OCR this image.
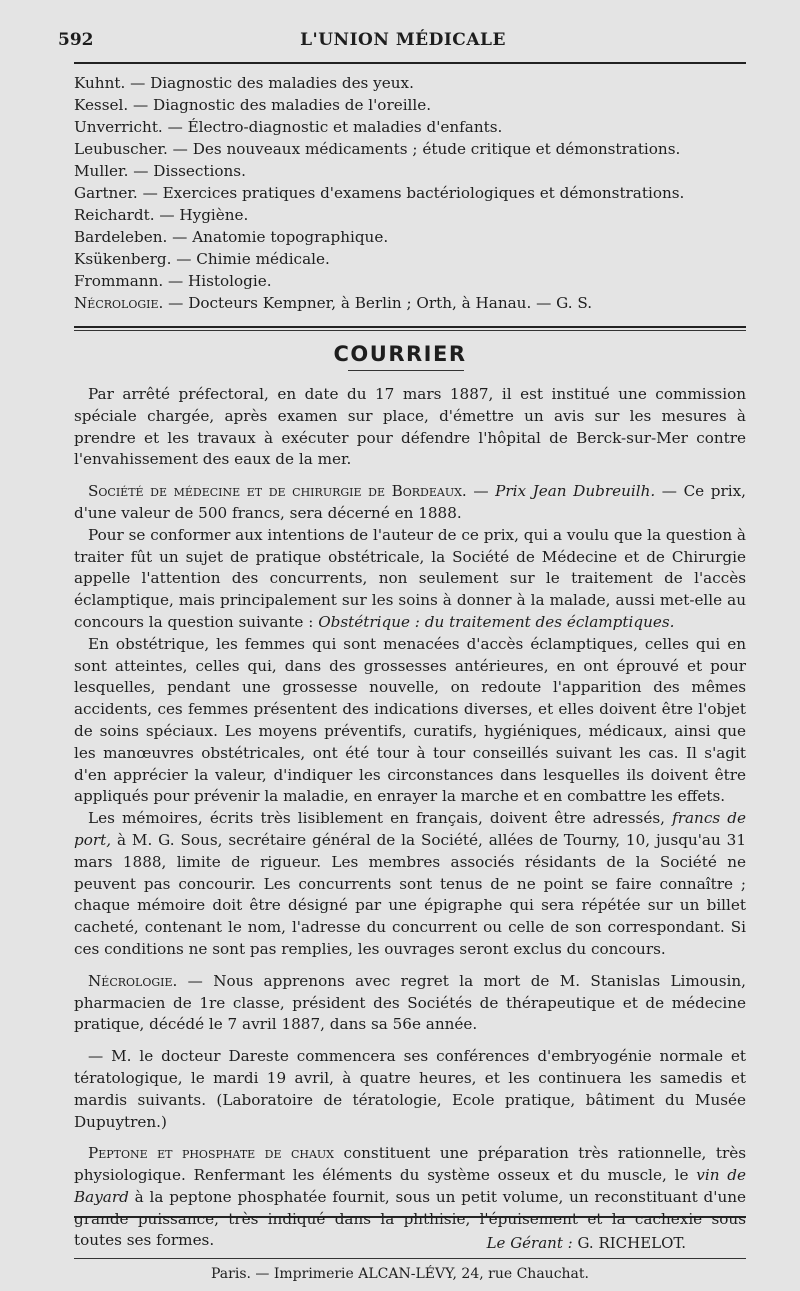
592	L'UNION MÉDICALE
Kuhnt. — Diagnostic des maladies des yeux.
Kessel. — Diagnostic des maladies de l'oreille.
Unverricht. — Électro-diagnostic et maladies d'enfants.
Leubuscher. — Des nouveaux médicaments ; étude critique et démonstrations.
Muller. — Dissections.
Gartner. — Exercices pratiques d'examens bactériologiques et démonstrations.
Reichardt. — Hygiène.
Bardeleben. — Anatomie topographique.
Ksükenberg. — Chimie médicale.
Frommann. — Histologie.
Nécrologie. — Docteurs Kempner, à Berlin ; Orth, à Hanau. — G. S.
COURRIER

Par arrêté préfectoral, en date du 17 mars 1887, il est institué une commission spéciale chargée, après examen sur place, d'émettre un avis sur les mesures à prendre et les travaux à exécuter pour défendre l'hôpital de Berck-sur-Mer contre l'envahissement des eaux de la mer.

Société de médecine et de chirurgie de Bordeaux. — Prix Jean Dubreuilh. — Ce prix, d'une valeur de 500 francs, sera décerné en 1888.

Pour se conformer aux intentions de l'auteur de ce prix, qui a voulu que la question à traiter fût un sujet de pratique obstétricale, la Société de Médecine et de Chirurgie appelle l'attention des concurrents, non seulement sur le traitement de l'accès éclamptique, mais principalement sur les soins à donner à la malade, aussi met-elle au concours la question suivante : Obstétrique : du traitement des éclamptiques.

En obstétrique, les femmes qui sont menacées d'accès éclamptiques, celles qui en sont atteintes, celles qui, dans des grossesses antérieures, en ont éprouvé et pour lesquelles, pendant une grossesse nouvelle, on redoute l'apparition des mêmes accidents, ces femmes présentent des indications diverses, et elles doivent être l'objet de soins spéciaux. Les moyens préventifs, curatifs, hygiéniques, médicaux, ainsi que les manœuvres obstétricales, ont été tour à tour conseillés suivant les cas. Il s'agit d'en apprécier la valeur, d'indiquer les circonstances dans lesquelles ils doivent être appliqués pour prévenir la maladie, en enrayer la marche et en combattre les effets.

Les mémoires, écrits très lisiblement en français, doivent être adressés, francs de port, à M. G. Sous, secrétaire général de la Société, allées de Tourny, 10, jusqu'au 31 mars 1888, limite de rigueur. Les membres associés résidants de la Société ne peuvent pas concourir. Les concurrents sont tenus de ne point se faire connaître ; chaque mémoire doit être désigné par une épigraphe qui sera répétée sur un billet cacheté, contenant le nom, l'adresse du concurrent ou celle de son correspondant. Si ces conditions ne sont pas remplies, les ouvrages seront exclus du concours.

Nécrologie. — Nous apprenons avec regret la mort de M. Stanislas Limousin, pharmacien de 1re classe, président des Sociétés de thérapeutique et de médecine pratique, décédé le 7 avril 1887, dans sa 56e année.

— M. le docteur Dareste commencera ses conférences d'embryogénie normale et tératologique, le mardi 19 avril, à quatre heures, et les continuera les samedis et mardis suivants. (Laboratoire de tératologie, Ecole pratique, bâtiment du Musée Dupuytren.)

Peptone et phosphate de chaux constituent une préparation très rationnelle, très physiologique. Renfermant les éléments du système osseux et du muscle, le vin de Bayard à la peptone phosphatée fournit, sous un petit volume, un reconstituant d'une grande puissance, très indiqué dans la phthisie, l'épuisement et la cachexie sous toutes ses formes.	Le Gérant : G. RICHELOT.
Paris. — Imprimerie ALCAN-LÉVY, 24, rue Chauchat.
